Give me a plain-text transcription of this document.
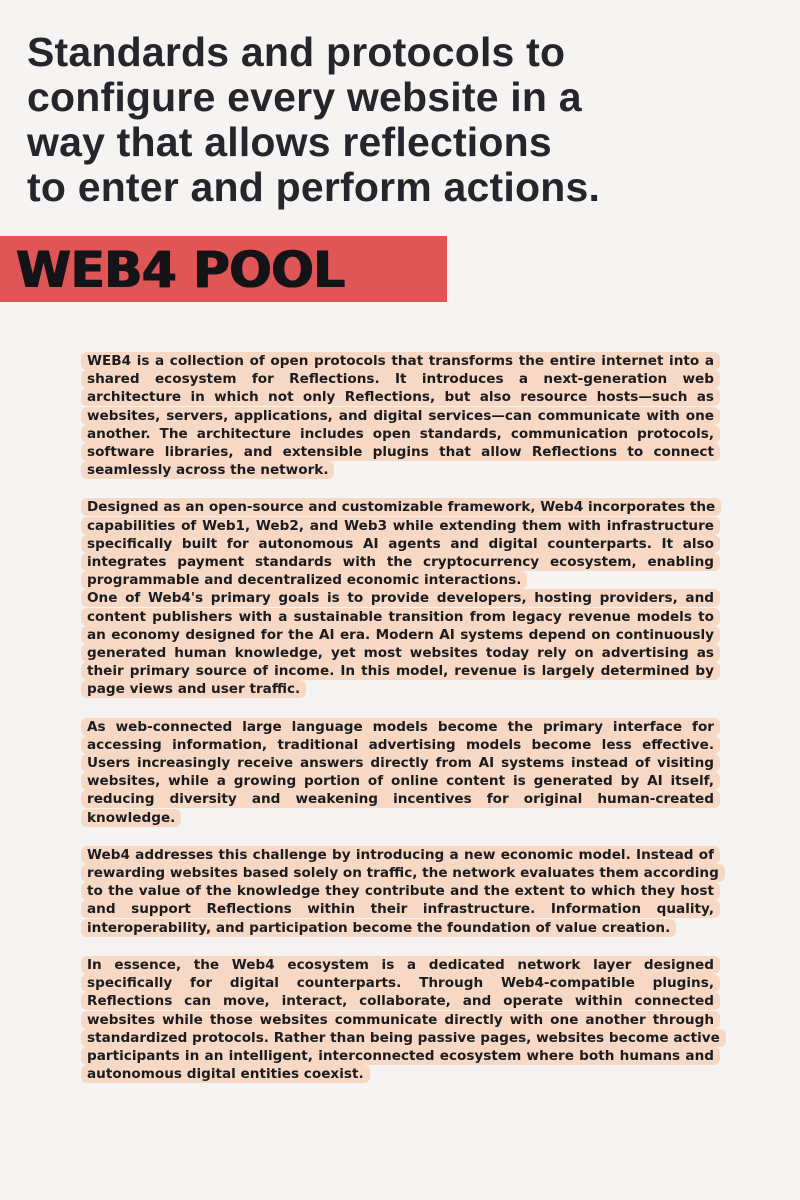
Standards and protocols to
configure every website in a
way that allows reflections
to enter and perform actions.
WEB4 POOL

WEB4 is a collection of open protocols that transforms the entire internet into a shared ecosystem for Reflections. It introduces a next-generation web architecture in which not only Reflections, but also resource hosts—such as websites, servers, applications, and digital services—can communicate with one another. The architecture includes open standards, communication protocols, software libraries, and extensible plugins that allow Reflections to connect seamlessly across the network.

Designed as an open-source and customizable framework, Web4 incorporates the capabilities of Web1, Web2, and Web3 while extending them with infrastructure specifically built for autonomous AI agents and digital counterparts. It also integrates payment standards with the cryptocurrency ecosystem, enabling programmable and decentralized economic interactions.

One of Web4's primary goals is to provide developers, hosting providers, and content publishers with a sustainable transition from legacy revenue models to an economy designed for the AI era. Modern AI systems depend on continuously generated human knowledge, yet most websites today rely on advertising as their primary source of income. In this model, revenue is largely determined by page views and user traffic.

As web-connected large language models become the primary interface for accessing information, traditional advertising models become less effective. Users increasingly receive answers directly from AI systems instead of visiting websites, while a growing portion of online content is generated by AI itself, reducing diversity and weakening incentives for original human-created knowledge.

Web4 addresses this challenge by introducing a new economic model. Instead of rewarding websites based solely on traffic, the network evaluates them according to the value of the knowledge they contribute and the extent to which they host and support Reflections within their infrastructure. Information quality, interoperability, and participation become the foundation of value creation.

In essence, the Web4 ecosystem is a dedicated network layer designed specifically for digital counterparts. Through Web4-compatible plugins, Reflections can move, interact, collaborate, and operate within connected websites while those websites communicate directly with one another through standardized protocols. Rather than being passive pages, websites become active participants in an intelligent, interconnected ecosystem where both humans and autonomous digital entities coexist.
